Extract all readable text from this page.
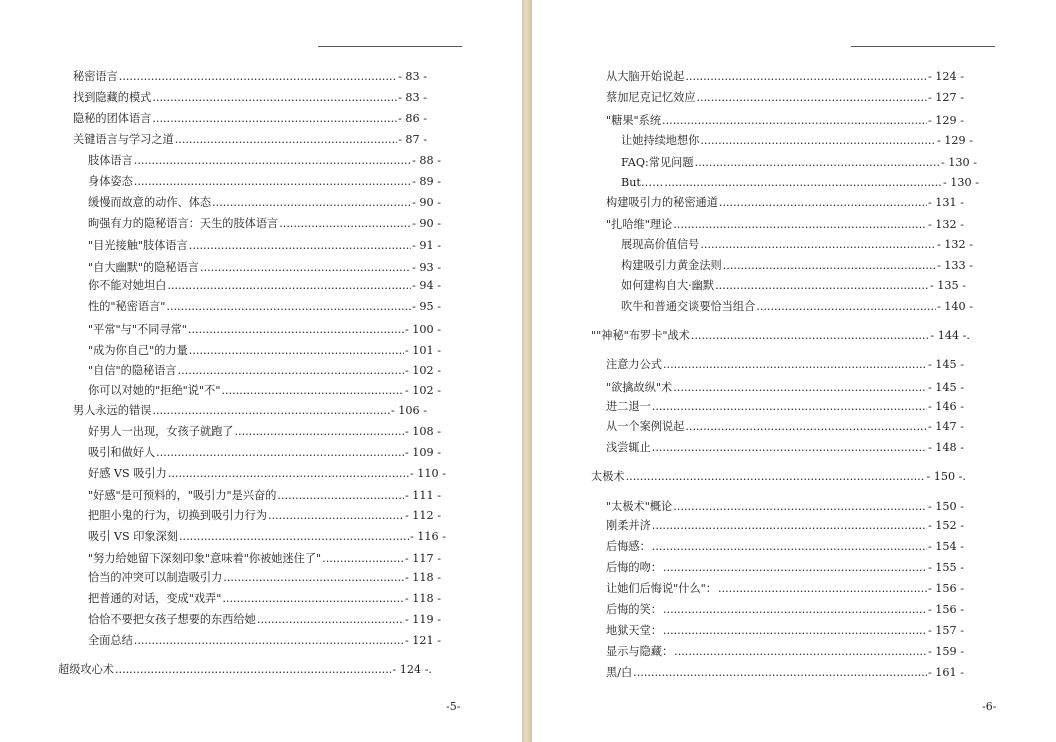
秘密语言 .....	- 83 -
找到隐藏的模式 .....	- 83 -
隐秘的团体语言 .....	- 86 -
关键语言与学习之道 .....	- 87 -
肢体语言 .....	- 88 -
身体姿态 .....	- 89 -
缓慢而故意的动作、体态 .....	- 90 -
昫强有力的隐秘语言：天生的肢体语言 .....	- 90 -
"目光接触"肢体语言 .....	- 91 -
"自大幽默"的隐秘语言 .....	- 93 -
你不能对她坦白 .....	- 94 -
性的"秘密语言" .....	- 95 -
"平常"与"不同寻常" .....	- 100 -
"成为你自己"的力量 .....	- 101 -
"自信"的隐秘语言 .....	- 102 -
你可以对她的"拒绝"说"不" .....	- 102 -
男人永远的错误 .....	- 106 -
好男人一出现，女孩子就跑了 .....	- 108 -
吸引和做好人 .....	- 109 -
好感 VS 吸引力 .....	- 110 -
"好感"是可预料的，"吸引力"是兴奋的 .....	- 111 -
把胆小鬼的行为，切换到吸引力行为 .....	- 112 -
吸引 VS 印象深刻 .....	- 116 -
"努力给她留下深刻印象"意味着"你被她迷住了" .....	- 117 -
恰当的冲突可以制造吸引力 .....	- 118 -
把普通的对话，变成"戏弄" .....	- 118 -
恰恰不要把女孩子想要的东西给她 .....	- 119 -
全面总结 .....	- 121 -
超级攻心术 .....	- 124 -.
-5-
从大脑开始说起 .....	- 124 -
蔡加尼克记忆效应 .....	- 127 -
"糖果"系统 .....	- 129 -
让她持续地想你 .....	- 129 -
FAQ:常见问题 .....	- 130 -
But…… .....	- 130 -
构建吸引力的秘密通道 .....	- 131 -
"扎哈维"理论 .....	- 132 -
展现高价值信号 .....	- 132 -
构建吸引力黄金法则 .....	- 133 -
如何建构自大·幽默 .....	- 135 -
吹牛和普通交谈要恰当组合 .....	- 140 -
""神秘"布罗卡"战术 .....	- 144 -.
注意力公式 .....	- 145 -
"欲擒故纵"术 .....	- 145 -
进二退一 .....	- 146 -
从一个案例说起 .....	- 147 -
浅尝辄止 .....	- 148 -
太极术 .....	- 150 -.
"太极术"概论 .....	- 150 -
刚柔并济 .....	- 152 -
后悔感： .....	- 154 -
后悔的吻： .....	- 155 -
让她们后悔说"什么"： .....	- 156 -
后悔的笑： .....	- 156 -
地狱天堂： .....	- 157 -
显示与隐藏： .....	- 159 -
黑/白 .....	- 161 -
-6-
